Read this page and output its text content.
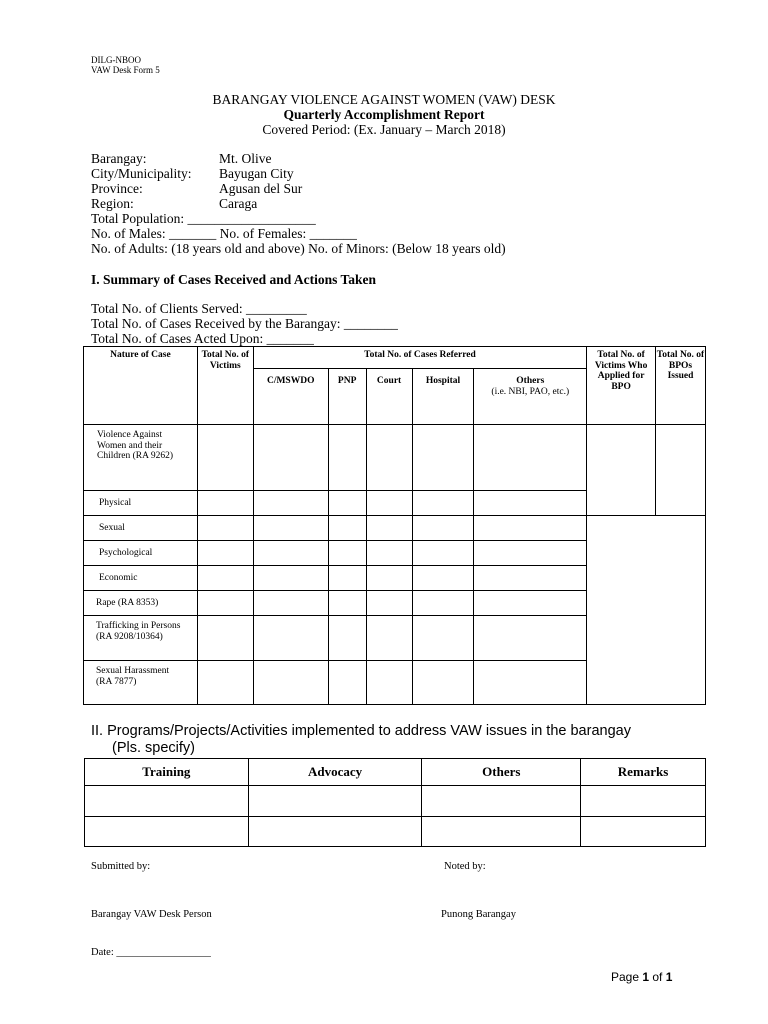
DILG-NBOO
VAW Desk Form 5
BARANGAY VIOLENCE AGAINST WOMEN (VAW) DESK
Quarterly Accomplishment Report
Covered Period: (Ex. January – March 2018)
Barangay:	Mt. Olive
City/Municipality: Bayugan City
Province:	Agusan del Sur
Region:	Caraga
Total Population: ___________________
No. of Males: _______ No. of Females: _______
No. of Adults: (18 years old and above) No. of Minors: (Below 18 years old)
I. Summary of Cases Received and Actions Taken
Total No. of Clients Served: _________
Total No. of Cases Received by the Barangay: ________
Total No. of Cases Acted Upon: _______
Nature of Case	Total No. of Victims	Total No. of Cases Referred					Total No. of Victims Who Applied for BPO	Total No. of BPOs Issued
		C/MSWDO	PNP	Court	Hospital	Others
(i.e. NBI, PAO, etc.)		

Violence Against Women and their Children (RA 9262)								
Physical								
Sexual								
Psychological								
Economic								
Rape (RA 8353)								
Trafficking in Persons (RA 9208/10364)								
Sexual Harassment (RA 7877)								
II. Programs/Projects/Activities implemented to address VAW issues in the barangay
(Pls. specify)
Training	Advocacy	Others	Remarks

Submitted by:	Noted by:
Barangay VAW Desk Person	Punong Barangay
Date: __________________
Page 1 of 1
